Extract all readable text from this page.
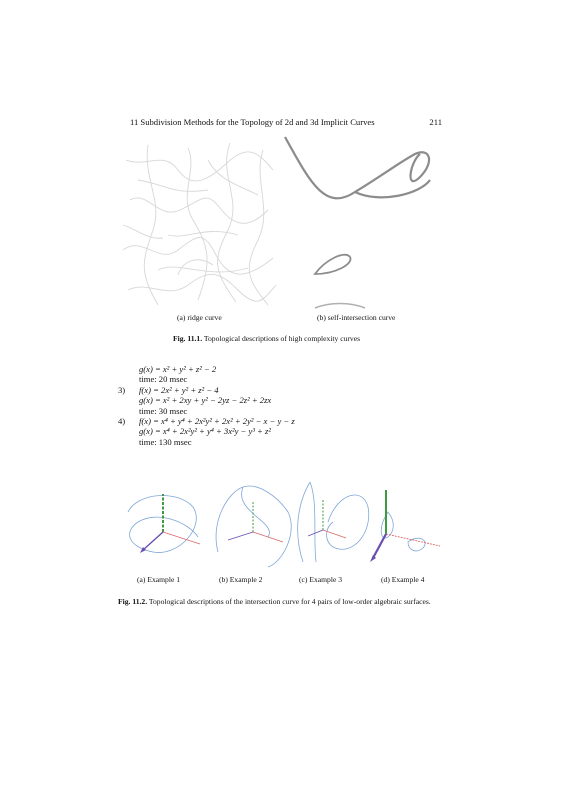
11 Subdivision Methods for the Topology of 2d and 3d Implicit Curves	211
(a) ridge curve	(b) self-intersection curve
Fig. 11.1. Topological descriptions of high complexity curves
g(x) = x² + y² + z² − 2
time: 20 msec
3)	f(x) = 2x² + y² + z² − 4
g(x) = x² + 2xy + y² − 2yz − 2z² + 2zx
time: 30 msec
4)	f(x) = x⁴ + y⁴ + 2x²y² + 2x² + 2y² − x − y − z
g(x) = x⁴ + 2x²y² + y⁴ + 3x²y − y³ + z²
time: 130 msec
(a) Example 1	(b) Example 2	(c) Example 3	(d) Example 4
Fig. 11.2. Topological descriptions of the intersection curve for 4 pairs of low-order algebraic surfaces.
